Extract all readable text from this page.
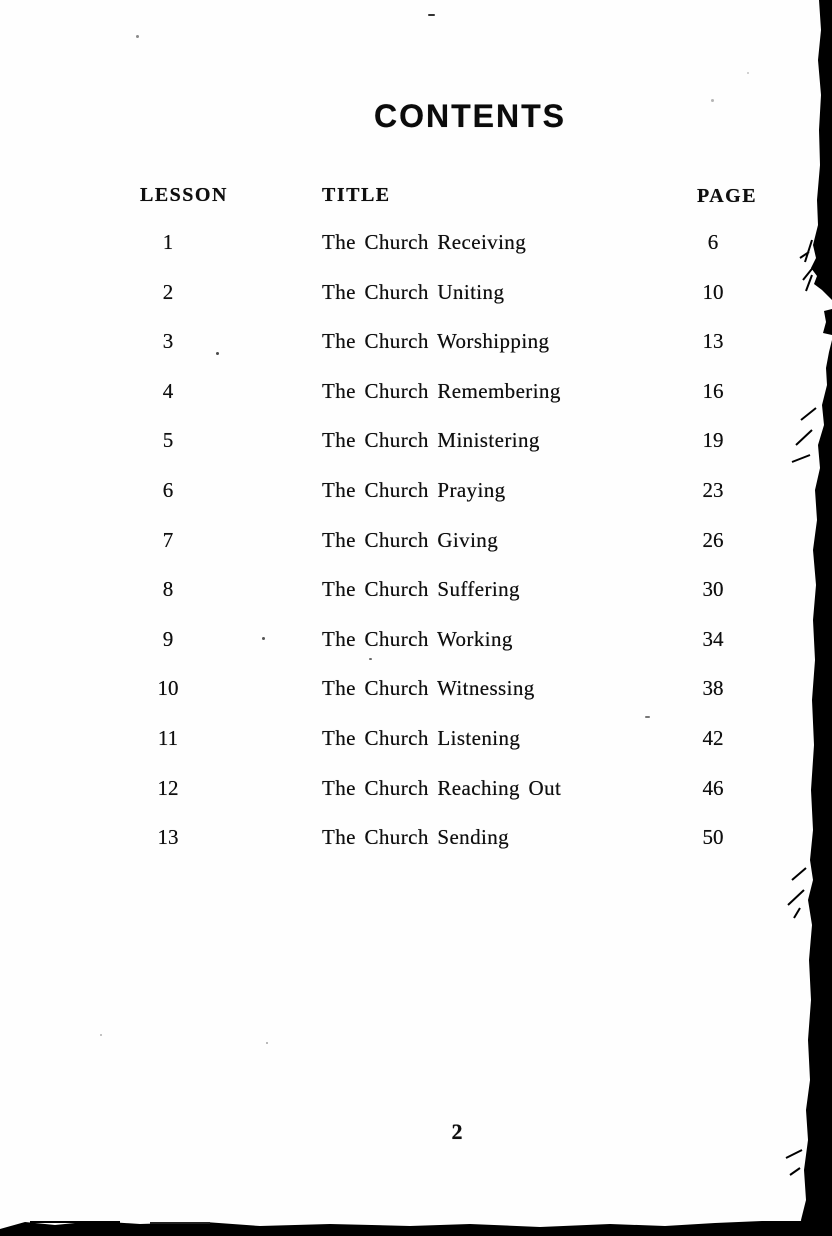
CONTENTS
LESSON	TITLE	PAGE
1	The Church Receiving	6
2	The Church Uniting	10
3	The Church Worshipping	13
4	The Church Remembering	16
5	The Church Ministering	19
6	The Church Praying	23
7	The Church Giving	26
8	The Church Suffering	30
9	The Church Working	34
10	The Church Witnessing	38
11	The Church Listening	42
12	The Church Reaching Out	46
13	The Church Sending	50
2
